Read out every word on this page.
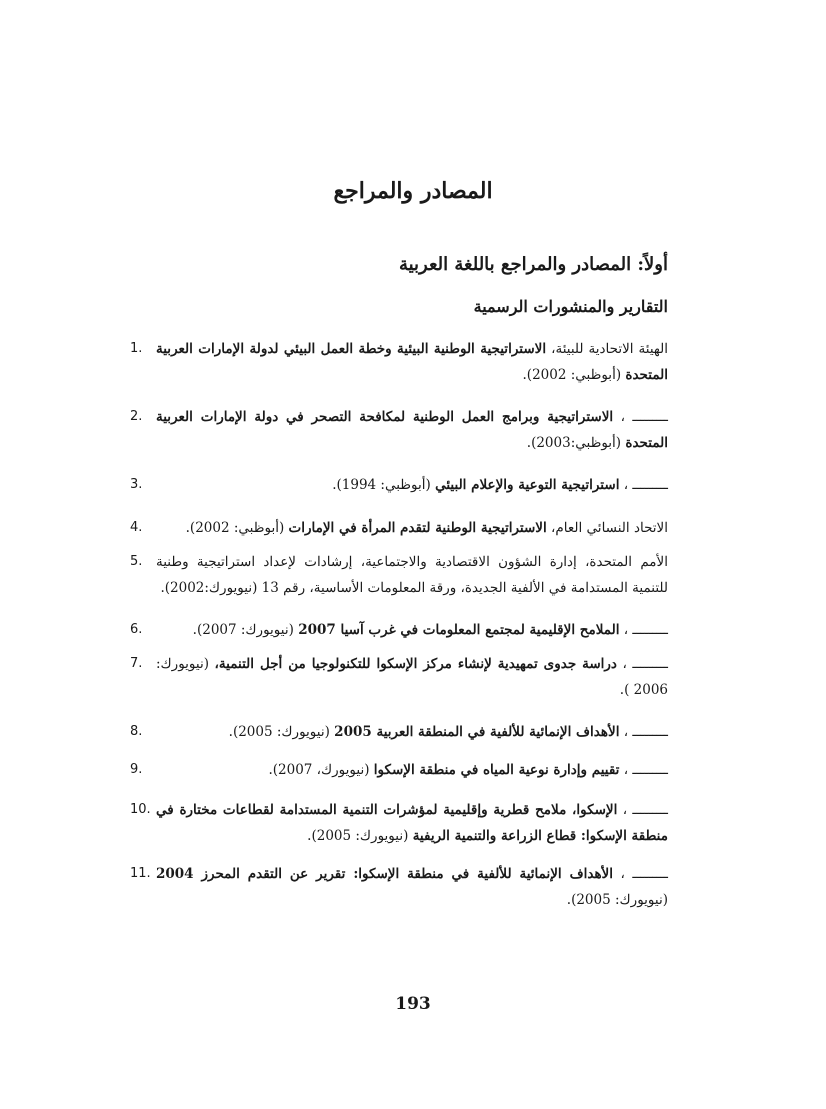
المصادر والمراجع
أولاً: المصادر والمراجع باللغة العربية
التقارير والمنشورات الرسمية
1.	الهيئة الاتحادية للبيئة، الاستراتيجية الوطنية البيئية وخطة العمل البيئي لدولة الإمارات العربية المتحدة (أبوظبي: 2002).
2.	ـــــــــ ، الاستراتيجية وبرامج العمل الوطنية لمكافحة التصحر في دولة الإمارات العربية المتحدة (أبوظبي:2003).
3.	ـــــــــ ، استراتيجية التوعية والإعلام البيئي (أبوظبي: 1994).
4.	الاتحاد النسائي العام، الاستراتيجية الوطنية لتقدم المرأة في الإمارات (أبوظبي: 2002).
5.	الأمم المتحدة، إدارة الشؤون الاقتصادية والاجتماعية، إرشادات لإعداد استراتيجية وطنية للتنمية المستدامة في الألفية الجديدة، ورقة المعلومات الأساسية، رقم 13 (نيويورك:2002).
6.	ـــــــــ ، الملامح الإقليمية لمجتمع المعلومات في غرب آسيا 2007 (نيويورك: 2007).
7.	ـــــــــ ، دراسة جدوى تمهيدية لإنشاء مركز الإسكوا للتكنولوجيا من أجل التنمية، (نيويورك: 2006 ).
8.	ـــــــــ ، الأهداف الإنمائية للألفية في المنطقة العربية 2005 (نيويورك: 2005).
9.	ـــــــــ ، تقييم وإدارة نوعية المياه في منطقة الإسكوا (نيويورك، 2007).
10.	ـــــــــ ، الإسكوا، ملامح قطرية وإقليمية لمؤشرات التنمية المستدامة لقطاعات مختارة في منطقة الإسكوا: قطاع الزراعة والتنمية الريفية (نيويورك: 2005).
11.	ـــــــــ ، الأهداف الإنمائية للألفية في منطقة الإسكوا: تقرير عن التقدم المحرز 2004 (نيويورك: 2005).
193
